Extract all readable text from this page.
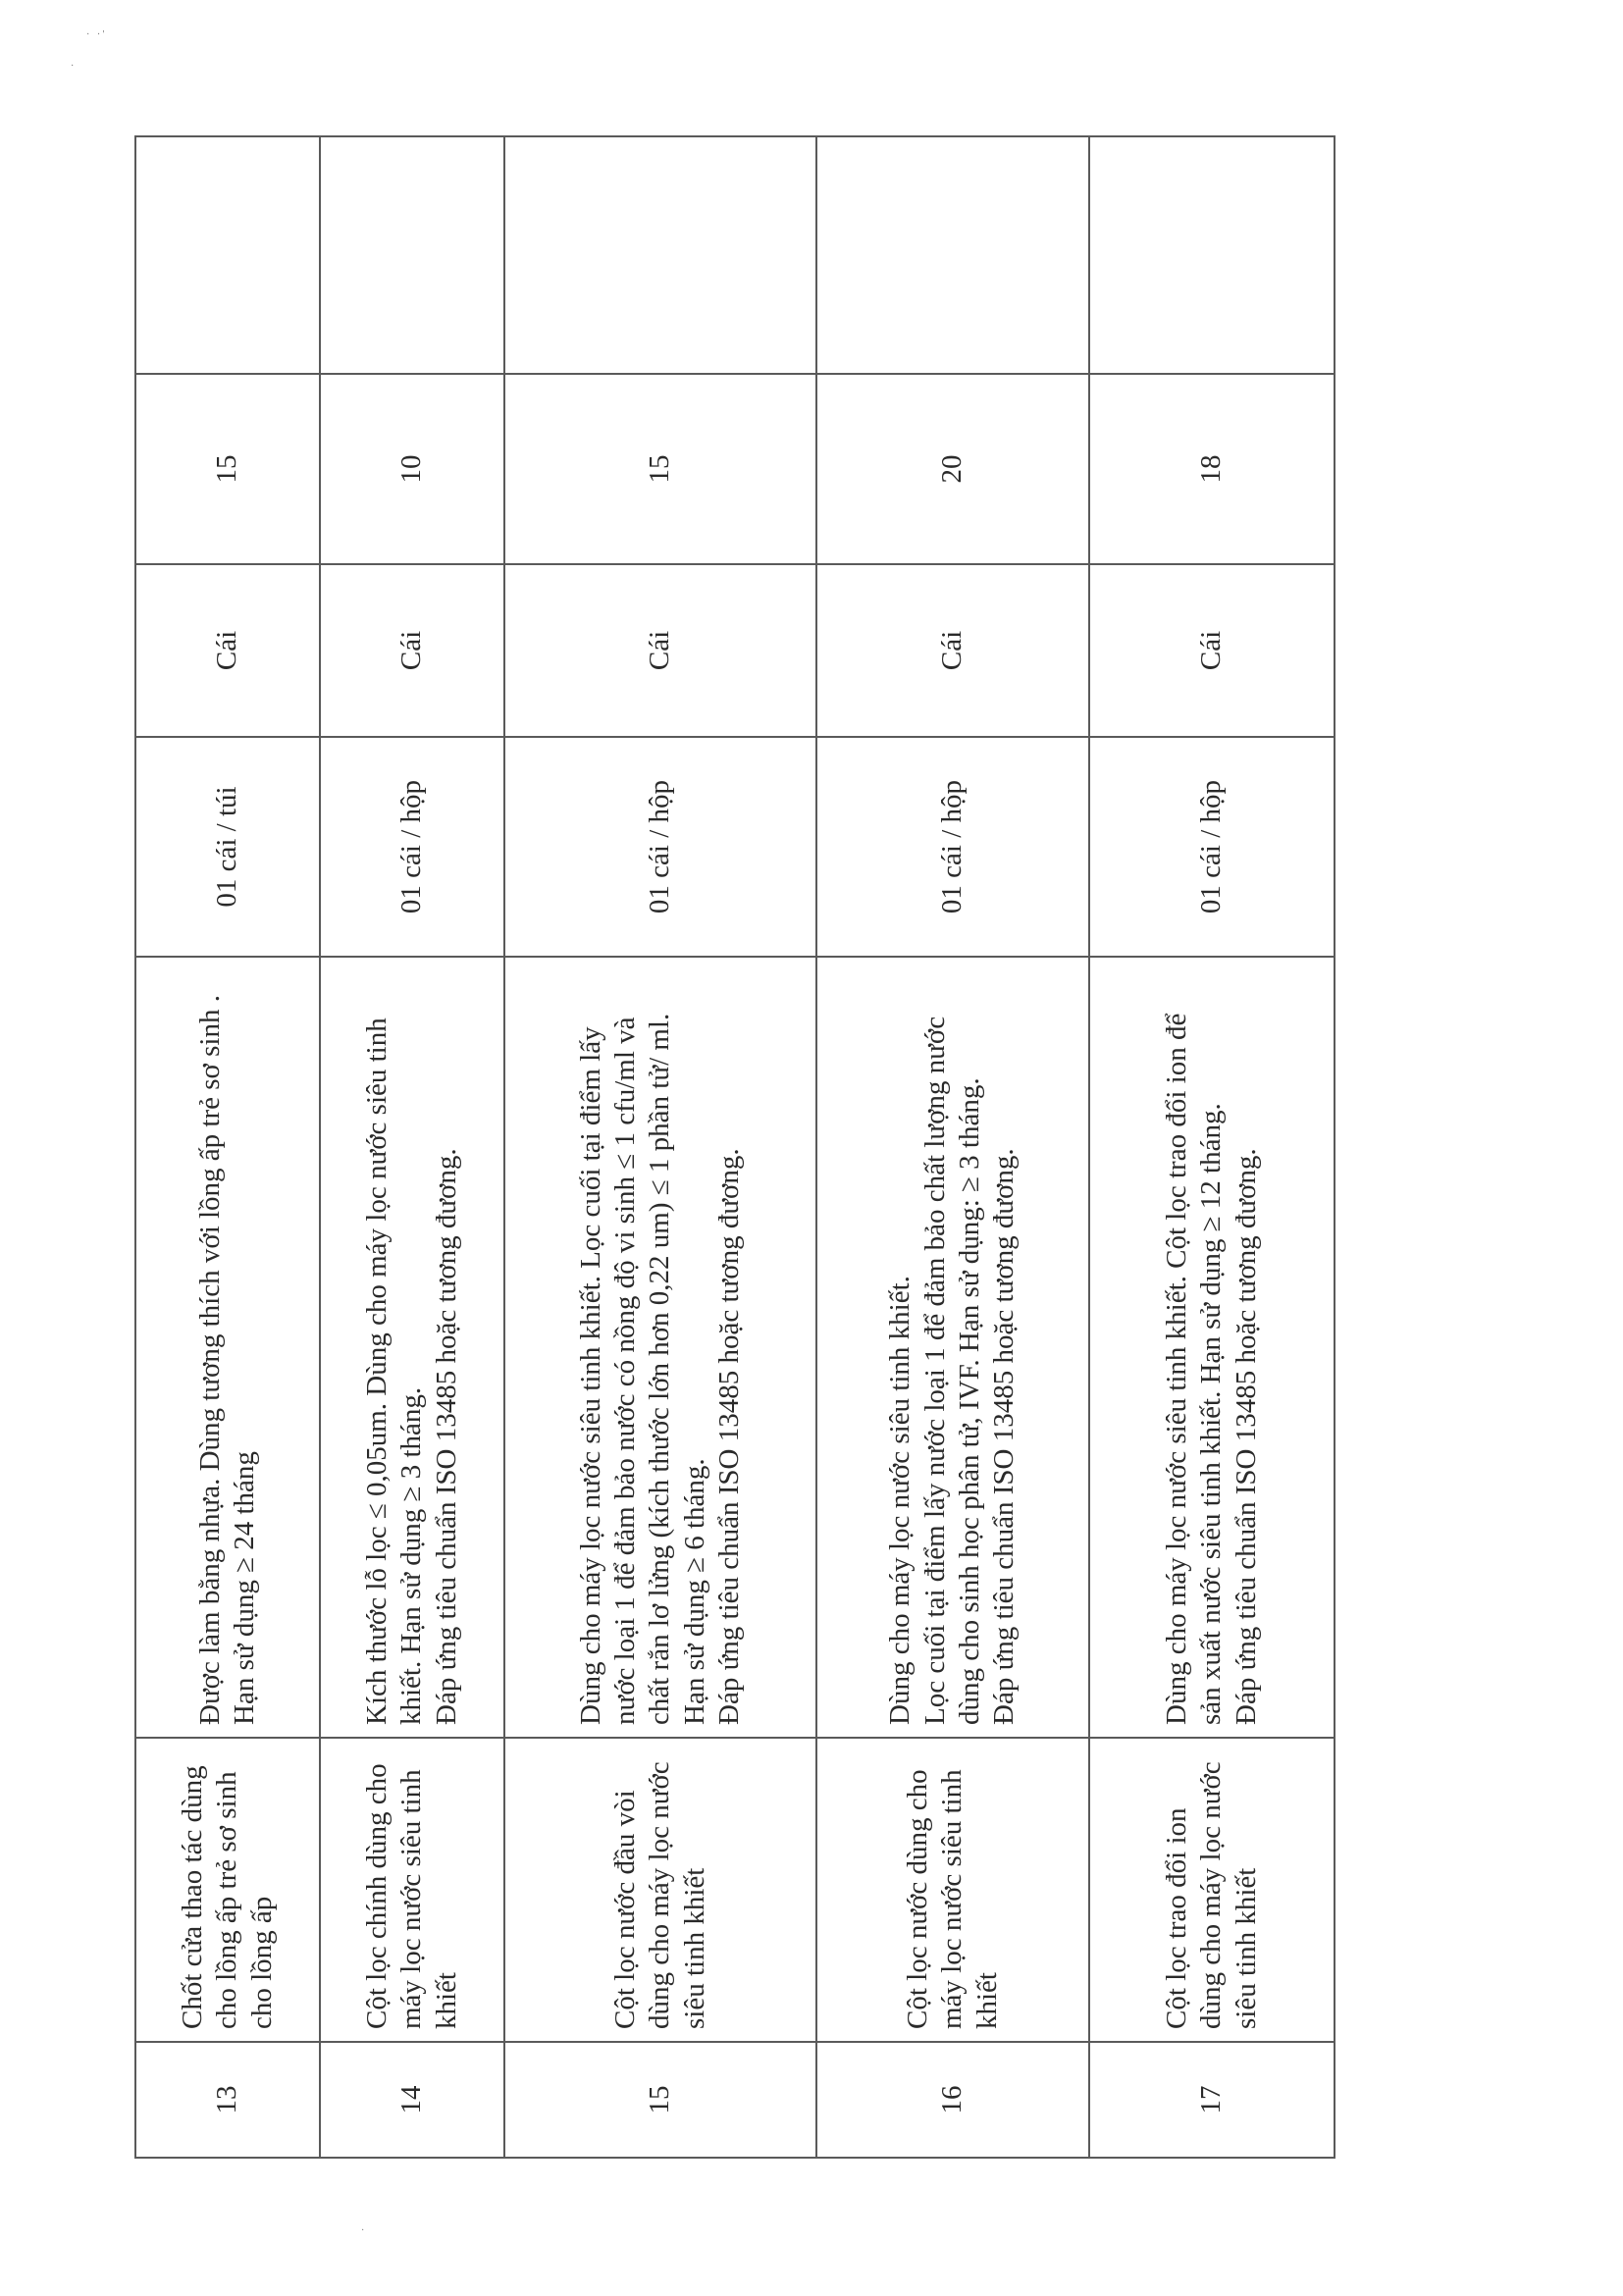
·   · '
·
13	Chốt cửa thao tác dùng cho lồng ấp trẻ sơ sinh cho lồng ấp	Được làm bằng nhựa. Dùng tương thích với lồng ấp trẻ sơ sinh . Hạn sử dụng ≥ 24 tháng	01 cái / túi	Cái	15	
14	Cột lọc chính dùng cho máy lọc nước siêu tinh khiết	Kích thước lỗ lọc ≤ 0,05um. Dùng cho máy lọc nước siêu tinh khiết. Hạn sử dụng ≥ 3 tháng. Đáp ứng tiêu chuẩn ISO 13485 hoặc tương đương.	01 cái / hộp	Cái	10	
15	Cột lọc nước đầu vòi dùng cho máy lọc nước siêu tinh khiết	Dùng cho máy lọc nước siêu tinh khiết. Lọc cuối tại điểm lấy nước loại 1 để đảm bảo nước có nồng độ vi sinh ≤ 1 cfu/ml và chất rắn lơ lửng (kích thước lớn hơn 0,22 um) ≤ 1 phần tử/ ml. Hạn sử dụng ≥ 6 tháng. Đáp ứng tiêu chuẩn ISO 13485 hoặc tương đương.	01 cái / hộp	Cái	15	
16	Cột lọc nước dùng cho máy lọc nước siêu tinh khiết	Dùng cho máy lọc nước siêu tinh khiết. Lọc cuối tại điểm lấy nước loại 1 để đảm bảo chất lượng nước dùng cho sinh học phân tử, IVF. Hạn sử dụng: ≥ 3 tháng. Đáp ứng tiêu chuẩn ISO 13485 hoặc tương đương.	01 cái / hộp	Cái	20	
17	Cột lọc trao đổi ion dùng cho máy lọc nước siêu tinh khiết	Dùng cho máy lọc nước siêu tinh khiết. Cột lọc trao đổi ion để sản xuất nước siêu tinh khiết. Hạn sử dụng ≥ 12 tháng. Đáp ứng tiêu chuẩn ISO 13485 hoặc tương đương.	01 cái / hộp	Cái	18	
·
